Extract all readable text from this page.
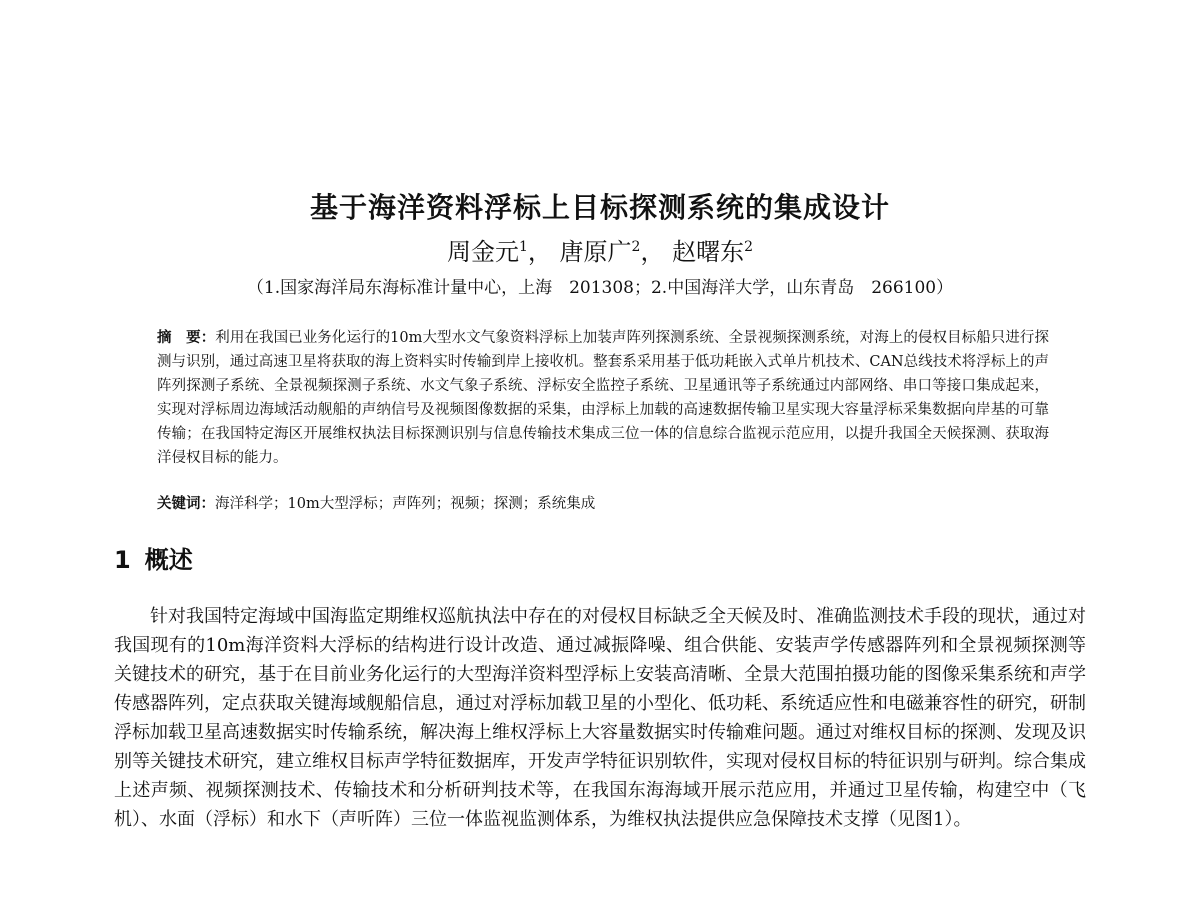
基于海洋资料浮标上目标探测系统的集成设计
周金元$^1$， 唐原广$^2$， 赵曙东$^2$
（1.国家海洋局东海标准计量中心，上海　201308；2.中国海洋大学，山东青岛　266100）
摘　要：利用在我国已业务化运行的10m大型水文气象资料浮标上加装声阵列探测系统、全景视频探测系统，对海上的侵权目标船只进行探测与识别，通过高速卫星将获取的海上资料实时传输到岸上接收机。整套系采用基于低功耗嵌入式单片机技术、CAN总线技术将浮标上的声阵列探测子系统、全景视频探测子系统、水文气象子系统、浮标安全监控子系统、卫星通讯等子系统通过内部网络、串口等接口集成起来，实现对浮标周边海域活动舰船的声纳信号及视频图像数据的采集，由浮标上加载的高速数据传输卫星实现大容量浮标采集数据向岸基的可靠传输；在我国特定海区开展维权执法目标探测识别与信息传输技术集成三位一体的信息综合监视示范应用，以提升我国全天候探测、获取海洋侵权目标的能力。
关键词：海洋科学；10m大型浮标；声阵列；视频；探测；系统集成
1 概述
针对我国特定海域中国海监定期维权巡航执法中存在的对侵权目标缺乏全天候及时、准确监测技术手段的现状，通过对我国现有的10m海洋资料大浮标的结构进行设计改造、通过减振降噪、组合供能、安装声学传感器阵列和全景视频探测等关键技术的研究，基于在目前业务化运行的大型海洋资料型浮标上安装高清晰、全景大范围拍摄功能的图像采集系统和声学传感器阵列，定点获取关键海域舰船信息，通过对浮标加载卫星的小型化、低功耗、系统适应性和电磁兼容性的研究，研制浮标加载卫星高速数据实时传输系统，解决海上维权浮标上大容量数据实时传输难问题。通过对维权目标的探测、发现及识别等关键技术研究，建立维权目标声学特征数据库，开发声学特征识别软件，实现对侵权目标的特征识别与研判。综合集成上述声频、视频探测技术、传输技术和分析研判技术等，在我国东海海域开展示范应用，并通过卫星传输，构建空中（飞机）、水面（浮标）和水下（声听阵）三位一体监视监测体系，为维权执法提供应急保障技术支撑（见图1）。
